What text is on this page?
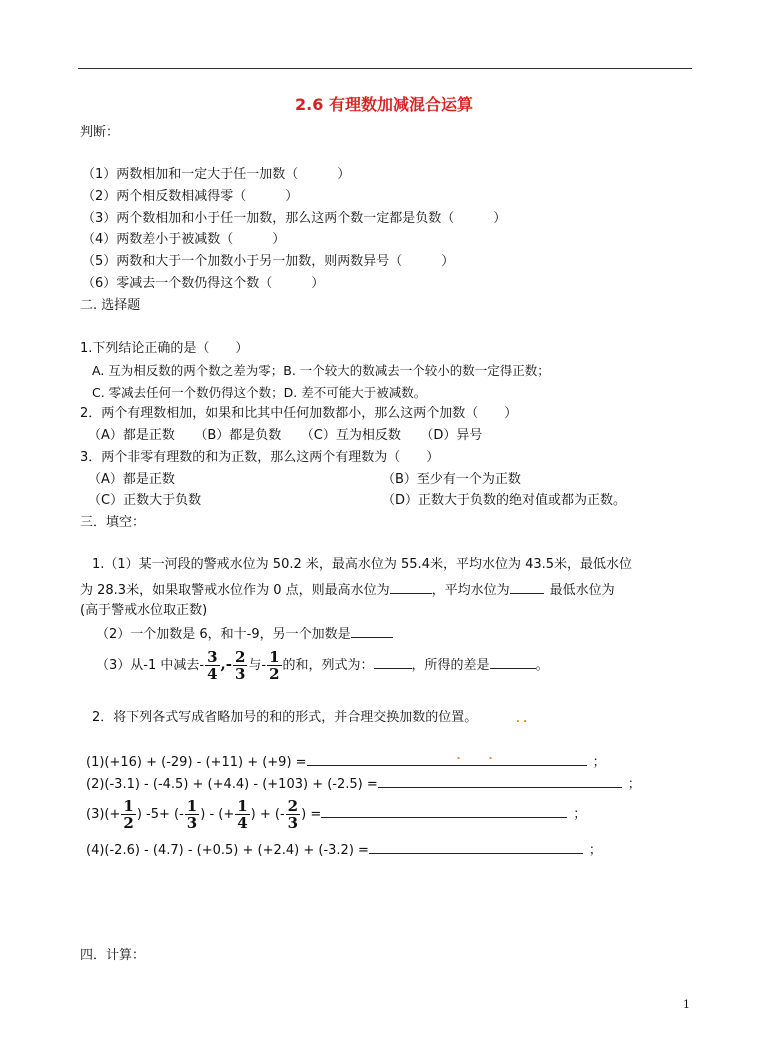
2.6 有理数加减混合运算
判断：
（1）两数相加和一定大于任一加数（　　　）
（2）两个相反数相减得零（　　　）
（3）两个数相加和小于任一加数，那么这两个数一定都是负数（　　　）
（4）两数差小于被减数（　　　）
（5）两数和大于一个加数小于另一加数，则两数异号（　　　）
（6）零减去一个数仍得这个数（　　　）
二. 选择题
1.下列结论正确的是（　　）
A. 互为相反数的两个数之差为零；B. 一个较大的数减去一个较小的数一定得正数；
C. 零减去任何一个数仍得这个数；D. 差不可能大于被减数。
2．两个有理数相加，如果和比其中任何加数都小，那么这两个加数（　　）
（A）都是正数　　（B）都是负数　　（C）互为相反数　　（D）异号
3．两个非零有理数的和为正数，那么这两个有理数为（　　）
（A）都是正数	（B）至少有一个为正数
（C）正数大于负数	（D）正数大于负数的绝对值或都为正数。
三．填空：
1.（1）某一河段的警戒水位为 50.2 米，最高水位为 55.4米，平均水位为 43.5米，最低水位
为 28.3米，如果取警戒水位作为 0 点，则最高水位为	，平均水位为	最低水位为
(高于警戒水位取正数)
（2）一个加数是 6，和十-9，另一个加数是
（3）从-1 中减去- $\frac{3}{4}$ ,- $\frac{2}{3}$ 与- $\frac{1}{2}$ 的和，列式为：	，所得的差是	。
2．将下列各式写成省略加号的和的形式，并合理交换加数的位置。	. .
(1)(+16) + (-29) - (+11) + (+9) =	.	.	；
(2)(-3.1) - (-4.5) + (+4.4) - (+103) + (-2.5) =	；
$(3)(+ \frac{1}{2}$ ) -5+ (- $\frac{1}{3}$ ) - (+ $\frac{1}{4}$ ) + (- $\frac{2}{3}$ ) =	；
(4)(-2.6) - (4.7) - (+0.5) + (+2.4) + (-3.2) =	；
四．计算：
1
